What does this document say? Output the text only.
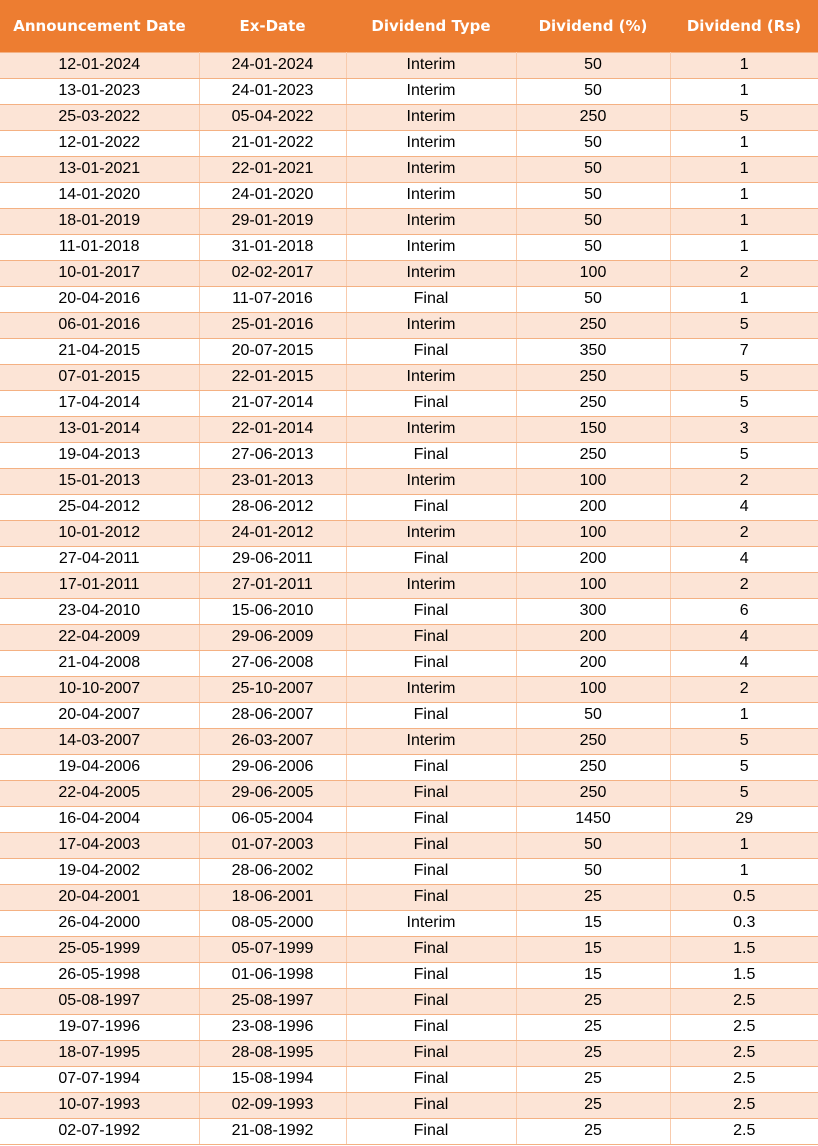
Announcement Date	Ex-Date	Dividend Type	Dividend (%)	Dividend (Rs)
12-01-2024	24-01-2024	Interim	50	1
13-01-2023	24-01-2023	Interim	50	1
25-03-2022	05-04-2022	Interim	250	5
12-01-2022	21-01-2022	Interim	50	1
13-01-2021	22-01-2021	Interim	50	1
14-01-2020	24-01-2020	Interim	50	1
18-01-2019	29-01-2019	Interim	50	1
11-01-2018	31-01-2018	Interim	50	1
10-01-2017	02-02-2017	Interim	100	2
20-04-2016	11-07-2016	Final	50	1
06-01-2016	25-01-2016	Interim	250	5
21-04-2015	20-07-2015	Final	350	7
07-01-2015	22-01-2015	Interim	250	5
17-04-2014	21-07-2014	Final	250	5
13-01-2014	22-01-2014	Interim	150	3
19-04-2013	27-06-2013	Final	250	5
15-01-2013	23-01-2013	Interim	100	2
25-04-2012	28-06-2012	Final	200	4
10-01-2012	24-01-2012	Interim	100	2
27-04-2011	29-06-2011	Final	200	4
17-01-2011	27-01-2011	Interim	100	2
23-04-2010	15-06-2010	Final	300	6
22-04-2009	29-06-2009	Final	200	4
21-04-2008	27-06-2008	Final	200	4
10-10-2007	25-10-2007	Interim	100	2
20-04-2007	28-06-2007	Final	50	1
14-03-2007	26-03-2007	Interim	250	5
19-04-2006	29-06-2006	Final	250	5
22-04-2005	29-06-2005	Final	250	5
16-04-2004	06-05-2004	Final	1450	29
17-04-2003	01-07-2003	Final	50	1
19-04-2002	28-06-2002	Final	50	1
20-04-2001	18-06-2001	Final	25	0.5
26-04-2000	08-05-2000	Interim	15	0.3
25-05-1999	05-07-1999	Final	15	1.5
26-05-1998	01-06-1998	Final	15	1.5
05-08-1997	25-08-1997	Final	25	2.5
19-07-1996	23-08-1996	Final	25	2.5
18-07-1995	28-08-1995	Final	25	2.5
07-07-1994	15-08-1994	Final	25	2.5
10-07-1993	02-09-1993	Final	25	2.5
02-07-1992	21-08-1992	Final	25	2.5
